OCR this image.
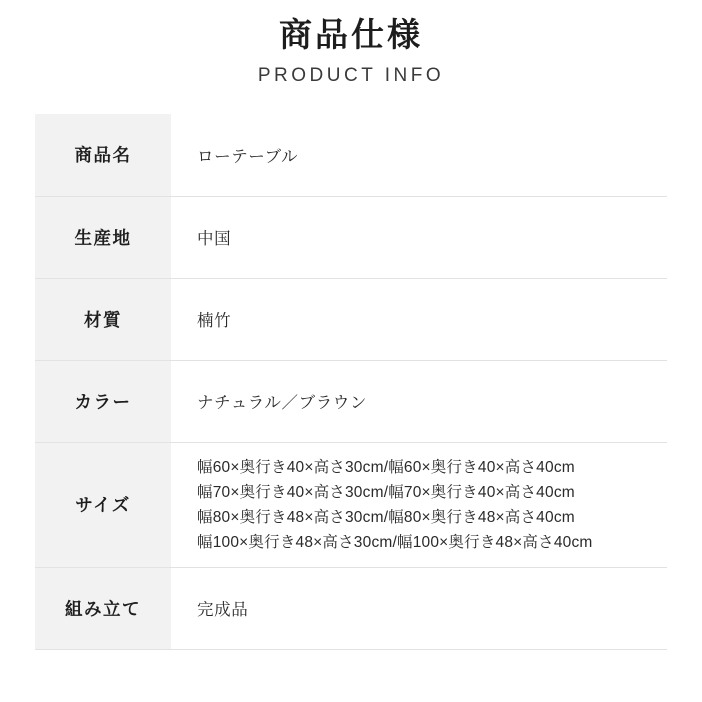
商品仕様
PRODUCT INFO
商品名	ローテーブル
生産地	中国
材質	楠竹
カラー	ナチュラル／ブラウン
サイズ	幅60×奥行き40×高さ30cm/幅60×奥行き40×高さ40cm
幅70×奥行き40×高さ30cm/幅70×奥行き40×高さ40cm
幅80×奥行き48×高さ30cm/幅80×奥行き48×高さ40cm
幅100×奥行き48×高さ30cm/幅100×奥行き48×高さ40cm

組み立て	完成品
